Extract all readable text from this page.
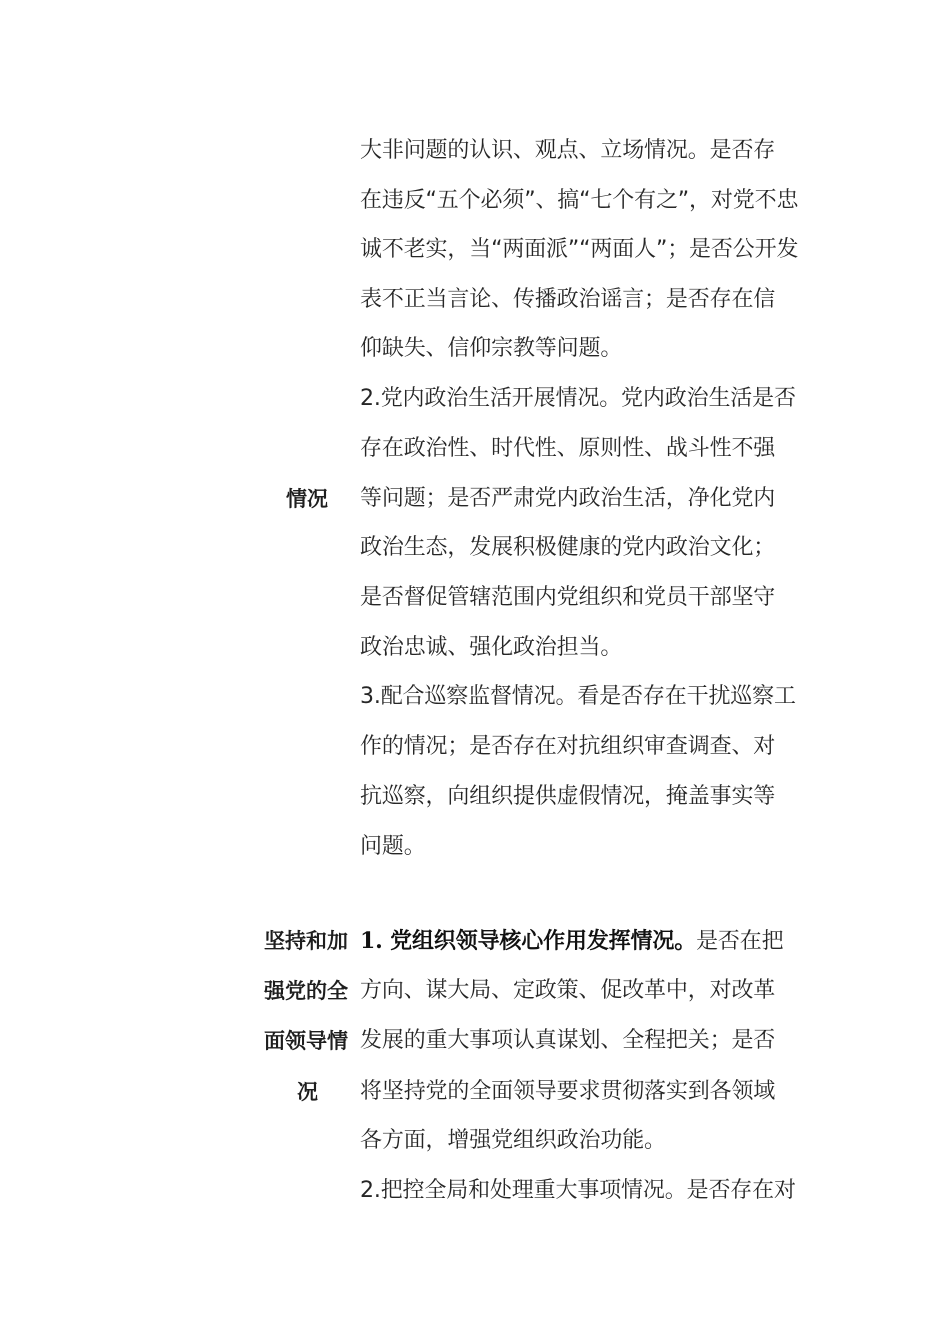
大非问题的认识、观点、立场情况。是否存
在违反“五个必须”、搞“七个有之”，对党不忠
诚不老实，当“两面派”“两面人”；是否公开发
表不正当言论、传播政治谣言；是否存在信
仰缺失、信仰宗教等问题。
2.党内政治生活开展情况。党内政治生活是否
存在政治性、时代性、原则性、战斗性不强
等问题；是否严肃党内政治生活，净化党内
政治生态，发展积极健康的党内政治文化；
是否督促管辖范围内党组织和党员干部坚守
政治忠诚、强化政治担当。
3.配合巡察监督情况。看是否存在干扰巡察工
作的情况；是否存在对抗组织审查调查、对
抗巡察，向组织提供虚假情况，掩盖事实等
问题。
情况
坚持和加
强党的全
面领导情
况
1. 党组织领导核心作用发挥情况。是否在把
方向、谋大局、定政策、促改革中，对改革
发展的重大事项认真谋划、全程把关；是否
将坚持党的全面领导要求贯彻落实到各领域
各方面，增强党组织政治功能。
2.把控全局和处理重大事项情况。是否存在对
